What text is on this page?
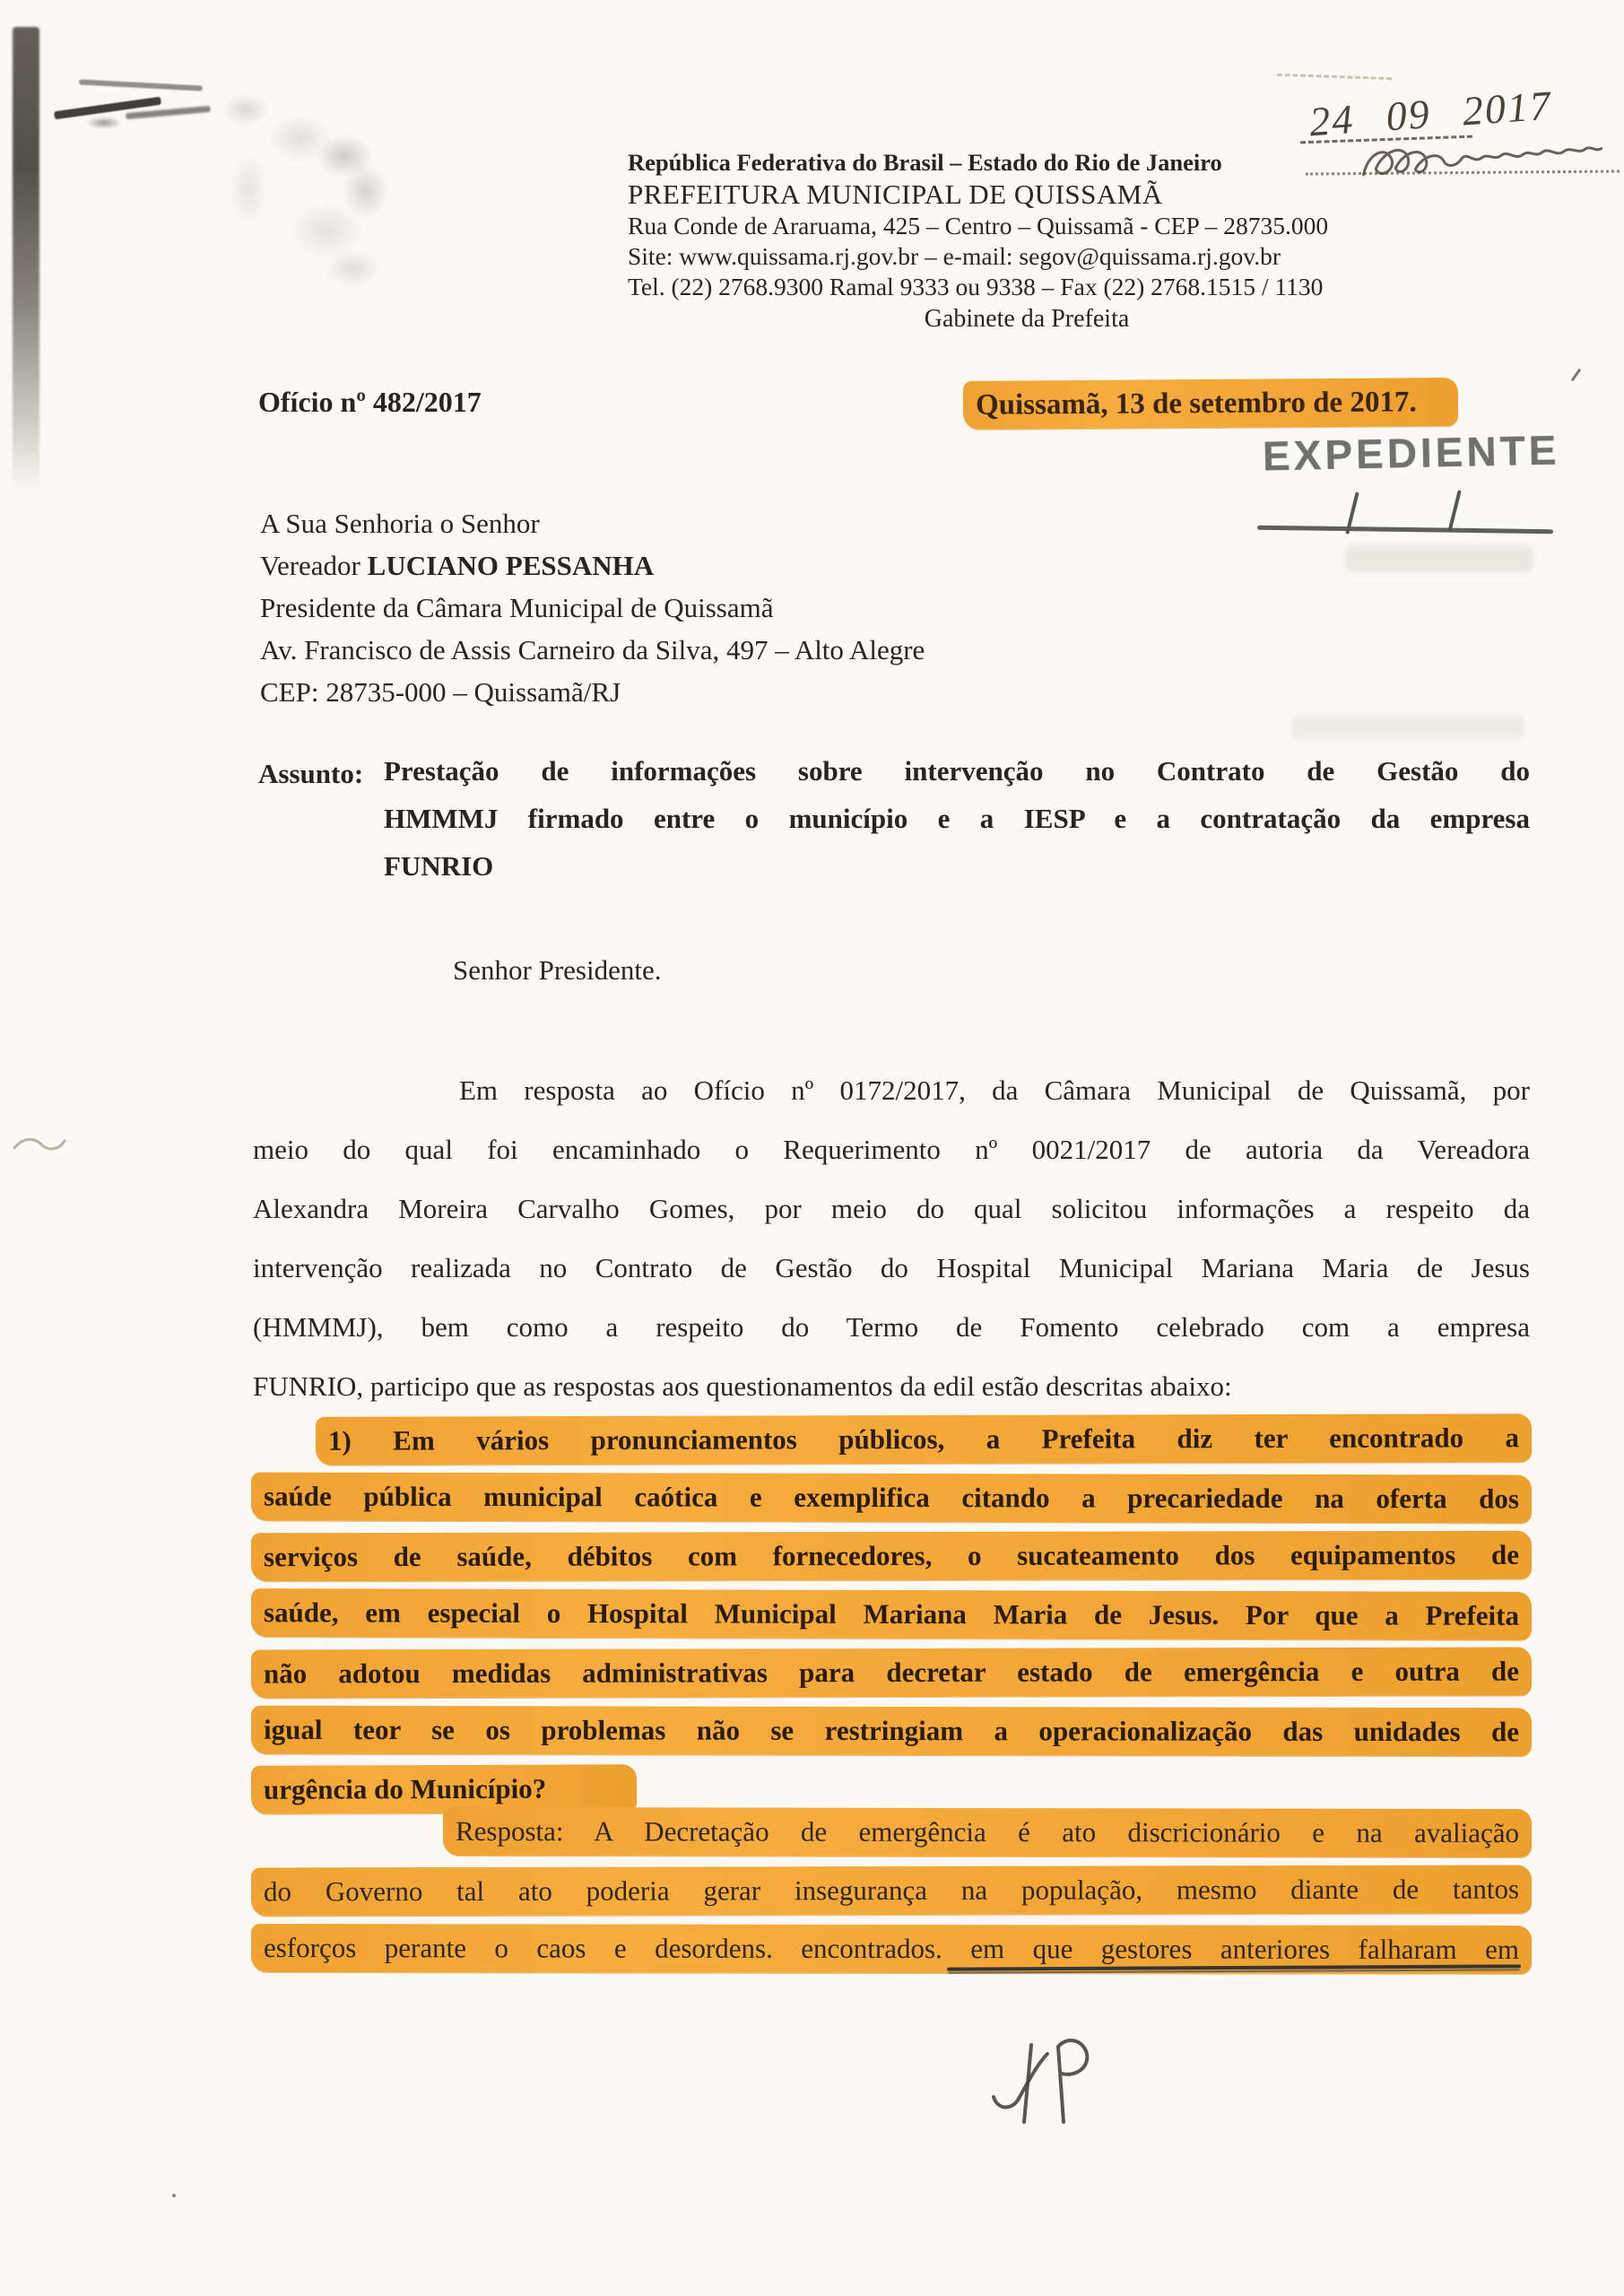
República Federativa do Brasil – Estado do Rio de Janeiro
PREFEITURA MUNICIPAL DE QUISSAMÃ
Rua Conde de Araruama, 425 – Centro – Quissamã - CEP – 28735.000
Site: www.quissama.rj.gov.br – e-mail: segov@quissama.rj.gov.br
Tel. (22) 2768.9300 Ramal 9333 ou 9338 – Fax (22) 2768.1515 / 1130
Gabinete da Prefeita
24 09 2017
Ofício nº 482/2017	Quissamã, 13 de setembro de 2017.
EXPEDIENTE
A Sua Senhoria o Senhor
Vereador LUCIANO PESSANHA
Presidente da Câmara Municipal de Quissamã
Av. Francisco de Assis Carneiro da Silva, 497 – Alto Alegre
CEP: 28735-000 – Quissamã/RJ
Assunto: Prestação de informações sobre intervenção no Contrato de Gestão do
HMMMJ firmado entre o município e a IESP e a contratação da empresa
FUNRIO
Senhor Presidente.
Em resposta ao Ofício nº 0172/2017, da Câmara Municipal de Quissamã, por
meio do qual foi encaminhado o Requerimento nº 0021/2017 de autoria da Vereadora
Alexandra Moreira Carvalho Gomes, por meio do qual solicitou informações a respeito da
intervenção realizada no Contrato de Gestão do Hospital Municipal Mariana Maria de Jesus
(HMMMJ), bem como a respeito do Termo de Fomento celebrado com a empresa
FUNRIO, participo que as respostas aos questionamentos da edil estão descritas abaixo:
1) Em vários pronunciamentos públicos, a Prefeita diz ter encontrado a
saúde pública municipal caótica e exemplifica citando a precariedade na oferta dos
serviços de saúde, débitos com fornecedores, o sucateamento dos equipamentos de
saúde, em especial o Hospital Municipal Mariana Maria de Jesus. Por que a Prefeita
não adotou medidas administrativas para decretar estado de emergência e outra de
igual teor se os problemas não se restringiam a operacionalização das unidades de
urgência do Município?
Resposta: A Decretação de emergência é ato discricionário e na avaliação
do Governo tal ato poderia gerar insegurança na população, mesmo diante de tantos
esforços perante o caos e desordens. encontrados. em que gestores anteriores falharam em
